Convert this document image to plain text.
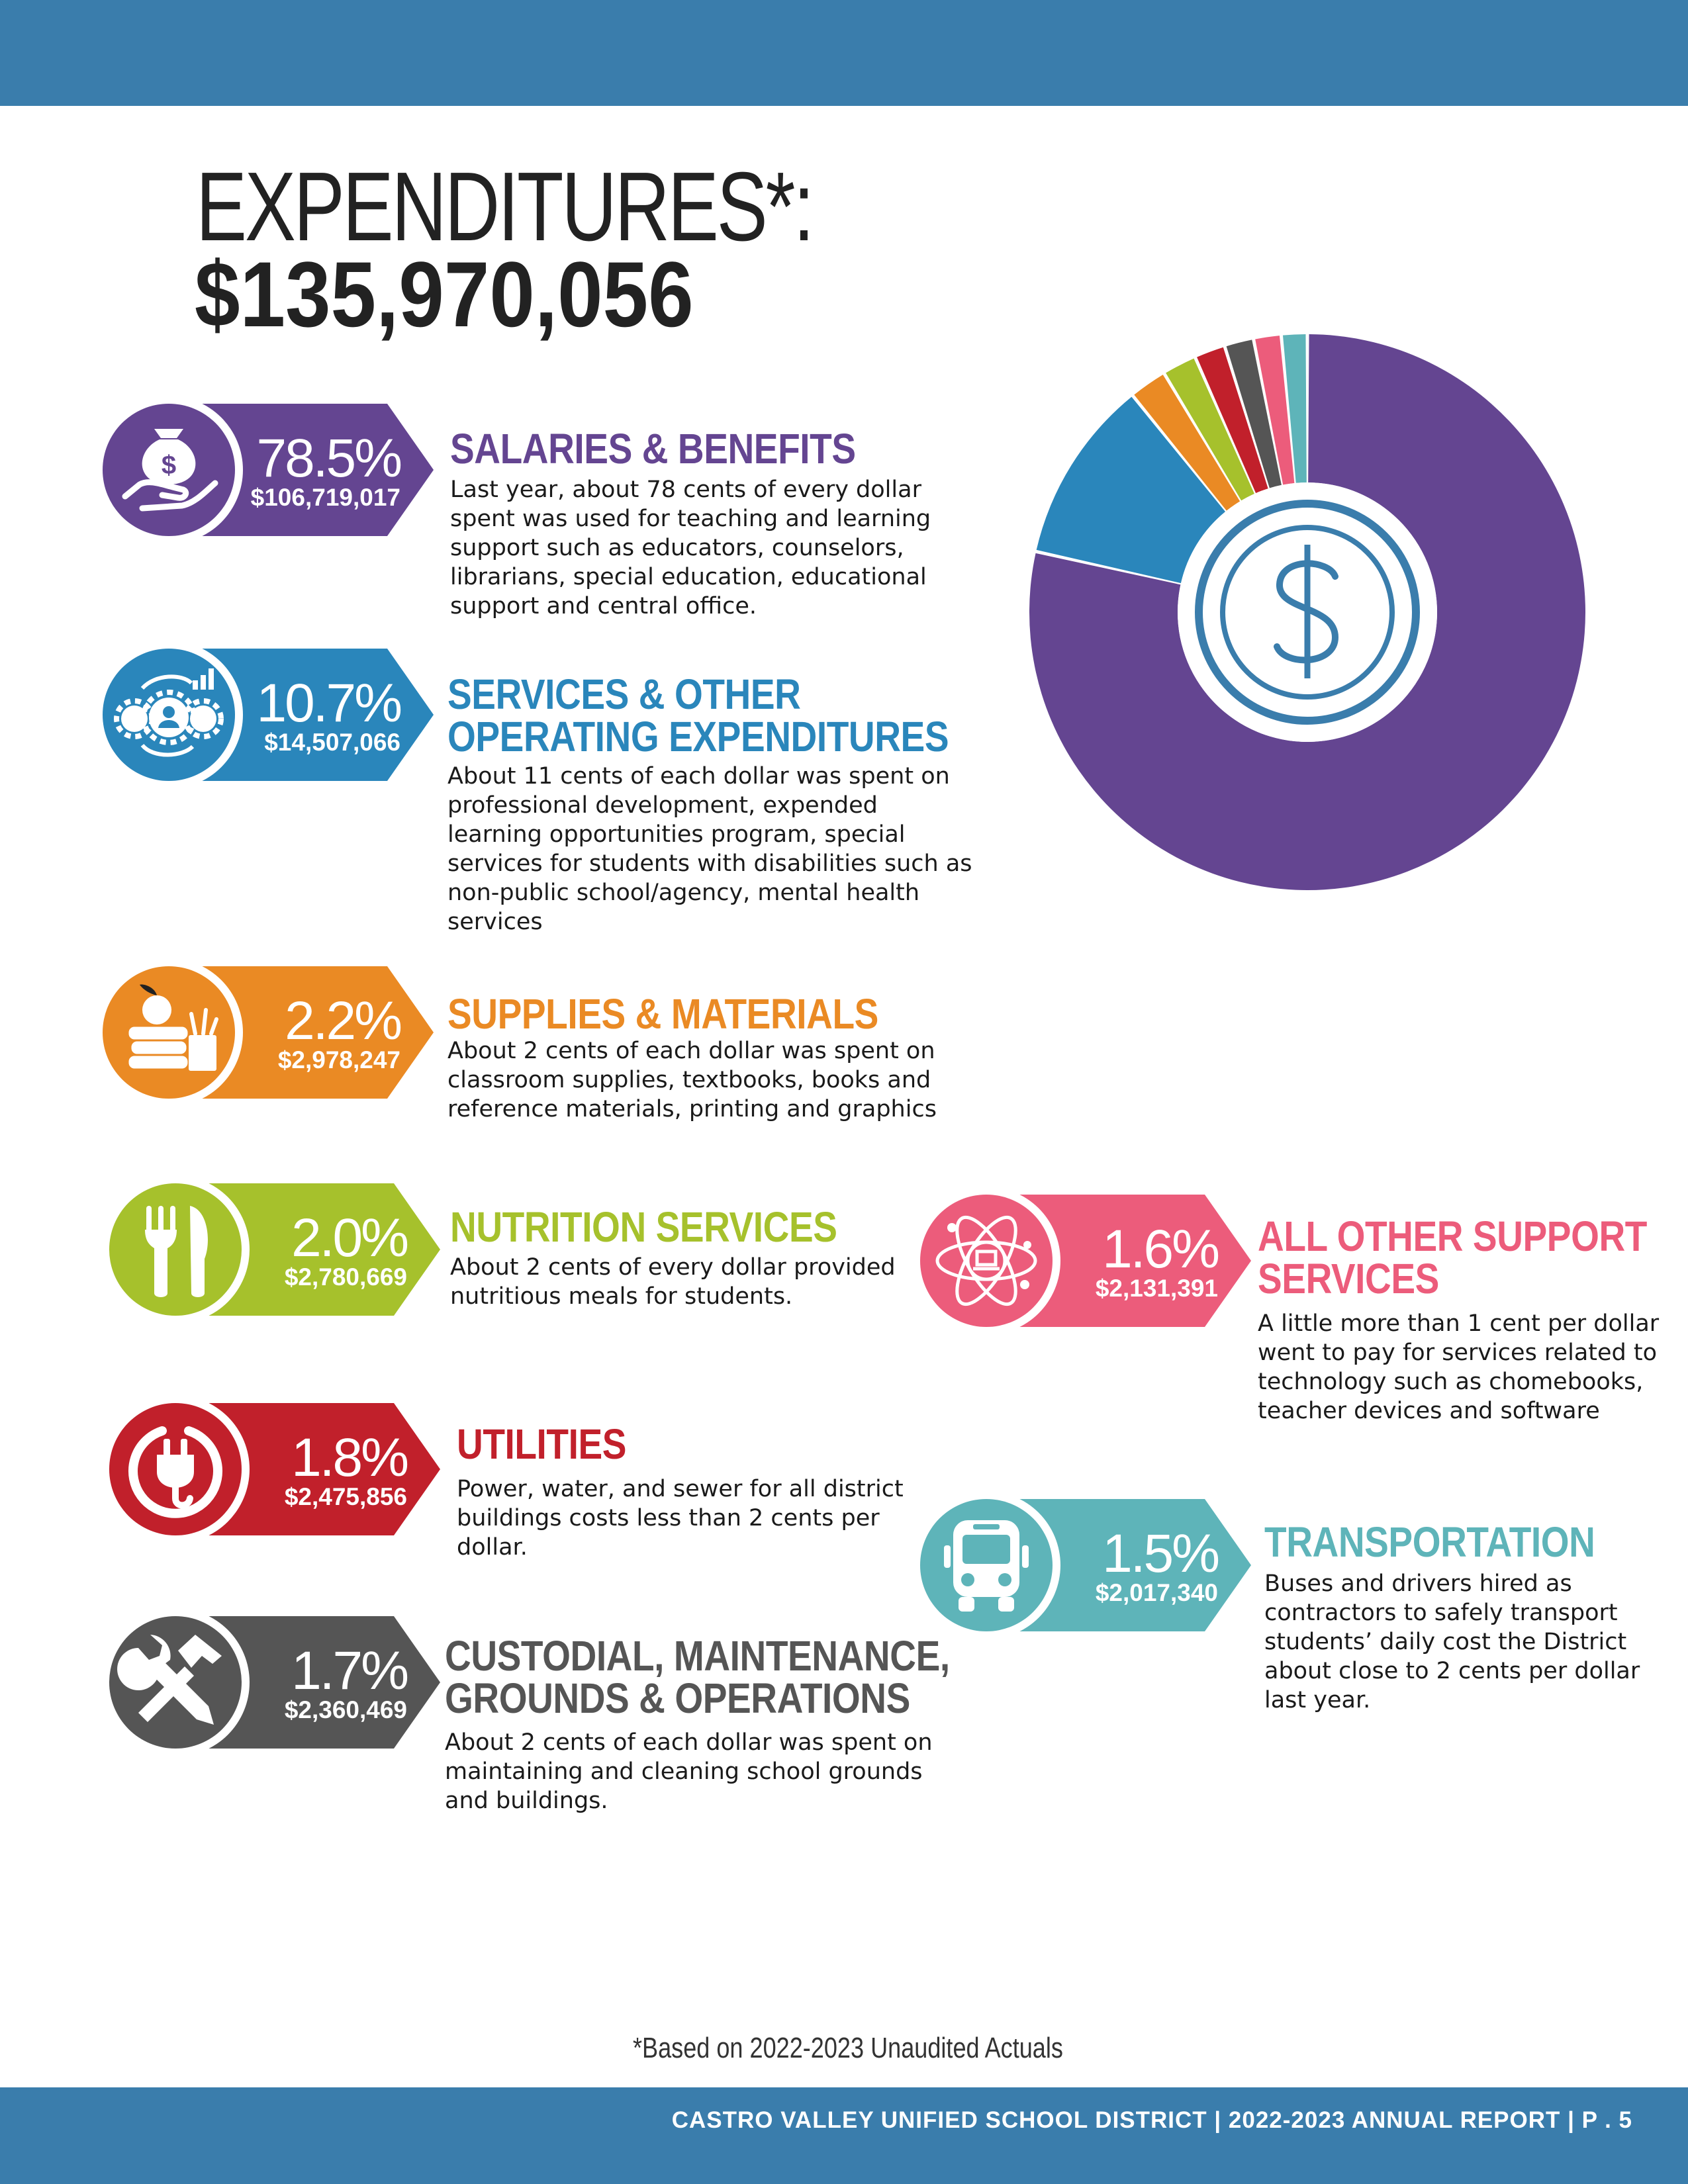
EXPENDITURES*:
$135,970,056
$	78.5%
$106,719,017
SALARIES & BENEFITS
Last year, about 78 cents of every dollar spent was used for teaching and learning support such as educators, counselors, librarians, special education, educational support and central office.
10.7%
$14,507,066
SERVICES & OTHER
OPERATING EXPENDITURES
About 11 cents of each dollar was spent on professional development, expended learning opportunities program, special services for students with disabilities such as non-public school/agency, mental health services
2.2%
$2,978,247
SUPPLIES & MATERIALS
About 2 cents of each dollar was spent on classroom supplies, textbooks, books and reference materials, printing and graphics
2.0%
$2,780,669
NUTRITION SERVICES
About 2 cents of every dollar provided nutritious meals for students.
1.8%
$2,475,856
UTILITIES
Power, water, and sewer for all district buildings costs less than 2 cents per dollar.
1.7%
$2,360,469
CUSTODIAL, MAINTENANCE,
GROUNDS & OPERATIONS
About 2 cents of each dollar was spent on maintaining and cleaning school grounds and buildings.
1.6%
$2,131,391
ALL OTHER SUPPORT
SERVICES
A little more than 1 cent per dollar went to pay for services related to technology such as chomebooks, teacher devices and software
1.5%
$2,017,340
TRANSPORTATION
Buses and drivers hired as contractors to safely transport students’ daily cost the District about close to 2 cents per dollar last year.
*Based on 2022-2023 Unaudited Actuals
CASTRO VALLEY UNIFIED SCHOOL DISTRICT | 2022-2023 ANNUAL REPORT | P . 5
